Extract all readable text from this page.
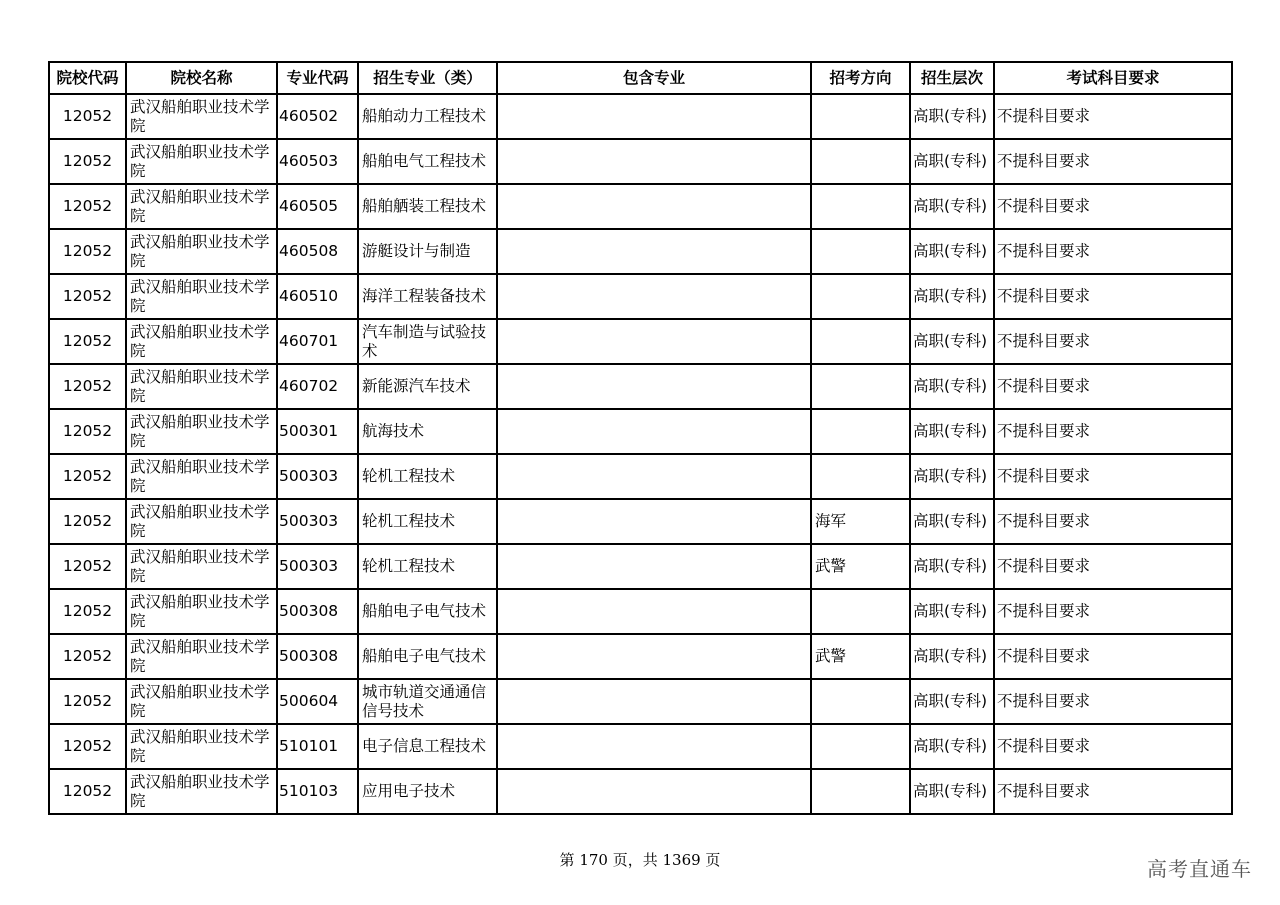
院校代码	院校名称	专业代码	招生专业（类）	包含专业	招考方向	招生层次	考试科目要求
12052	武汉船舶职业技术学院	460502	船舶动力工程技术			高职(专科)	不提科目要求
12052	武汉船舶职业技术学院	460503	船舶电气工程技术			高职(专科)	不提科目要求
12052	武汉船舶职业技术学院	460505	船舶舾装工程技术			高职(专科)	不提科目要求
12052	武汉船舶职业技术学院	460508	游艇设计与制造			高职(专科)	不提科目要求
12052	武汉船舶职业技术学院	460510	海洋工程装备技术			高职(专科)	不提科目要求
12052	武汉船舶职业技术学院	460701	汽车制造与试验技术			高职(专科)	不提科目要求
12052	武汉船舶职业技术学院	460702	新能源汽车技术			高职(专科)	不提科目要求
12052	武汉船舶职业技术学院	500301	航海技术			高职(专科)	不提科目要求
12052	武汉船舶职业技术学院	500303	轮机工程技术			高职(专科)	不提科目要求
12052	武汉船舶职业技术学院	500303	轮机工程技术		海军	高职(专科)	不提科目要求
12052	武汉船舶职业技术学院	500303	轮机工程技术		武警	高职(专科)	不提科目要求
12052	武汉船舶职业技术学院	500308	船舶电子电气技术			高职(专科)	不提科目要求
12052	武汉船舶职业技术学院	500308	船舶电子电气技术		武警	高职(专科)	不提科目要求
12052	武汉船舶职业技术学院	500604	城市轨道交通通信信号技术			高职(专科)	不提科目要求
12052	武汉船舶职业技术学院	510101	电子信息工程技术			高职(专科)	不提科目要求
12052	武汉船舶职业技术学院	510103	应用电子技术			高职(专科)	不提科目要求
第 170 页，共 1369 页	高考直通车
